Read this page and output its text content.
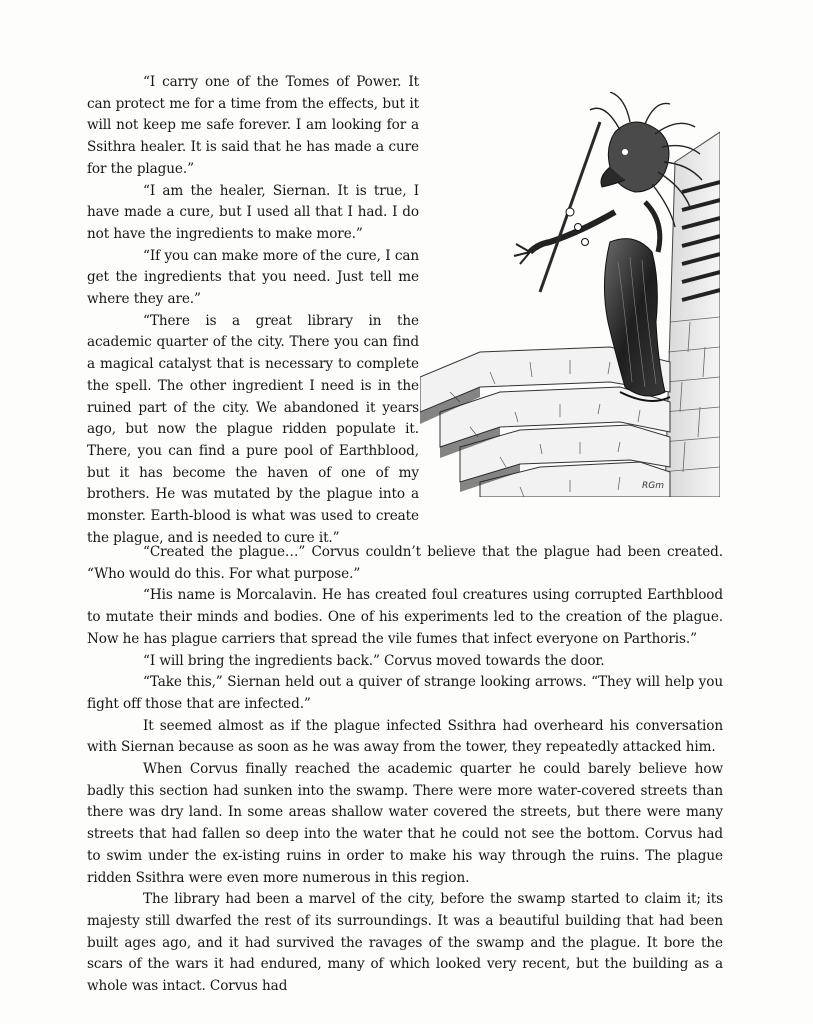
“I carry one of the Tomes of Power. It can protect me for a time from the effects, but it will not keep me safe forever. I am looking for a Ssithra healer. It is said that he has made a cure for the plague.”

“I am the healer, Siernan. It is true, I have made a cure, but I used all that I had. I do not have the ingredients to make more.”

“If you can make more of the cure, I can get the ingredients that you need. Just tell me where they are.”

“There is a great library in the academic quarter of the city. There you can find a magical catalyst that is necessary to complete the spell. The other ingredient I need is in the ruined part of the city. We abandoned it years ago, but now the plague ridden populate it. There, you can find a pure pool of Earthblood, but it has become the haven of one of my brothers. He was mutated by the plague into a monster. Earth-blood is what was used to create the plague, and is needed to cure it.”

RGm

“Created the plague…” Corvus couldn’t believe that the plague had been created. “Who would do this. For what purpose.”

“His name is Morcalavin. He has created foul creatures using corrupted Earthblood to mutate their minds and bodies. One of his experiments led to the creation of the plague. Now he has plague carriers that spread the vile fumes that infect everyone on Parthoris.”

“I will bring the ingredients back.” Corvus moved towards the door.

“Take this,” Siernan held out a quiver of strange looking arrows. “They will help you fight off those that are infected.”

It seemed almost as if the plague infected Ssithra had overheard his conversation with Siernan because as soon as he was away from the tower, they repeatedly attacked him.

When Corvus finally reached the academic quarter he could barely believe how badly this section had sunken into the swamp. There were more water-covered streets than there was dry land. In some areas shallow water covered the streets, but there were many streets that had fallen so deep into the water that he could not see the bottom. Corvus had to swim under the ex-isting ruins in order to make his way through the ruins. The plague ridden Ssithra were even more numerous in this region.

The library had been a marvel of the city, before the swamp started to claim it; its majesty still dwarfed the rest of its surroundings. It was a beautiful building that had been built ages ago, and it had survived the ravages of the swamp and the plague. It bore the scars of the wars it had endured, many of which looked very recent, but the building as a whole was intact. Corvus had
